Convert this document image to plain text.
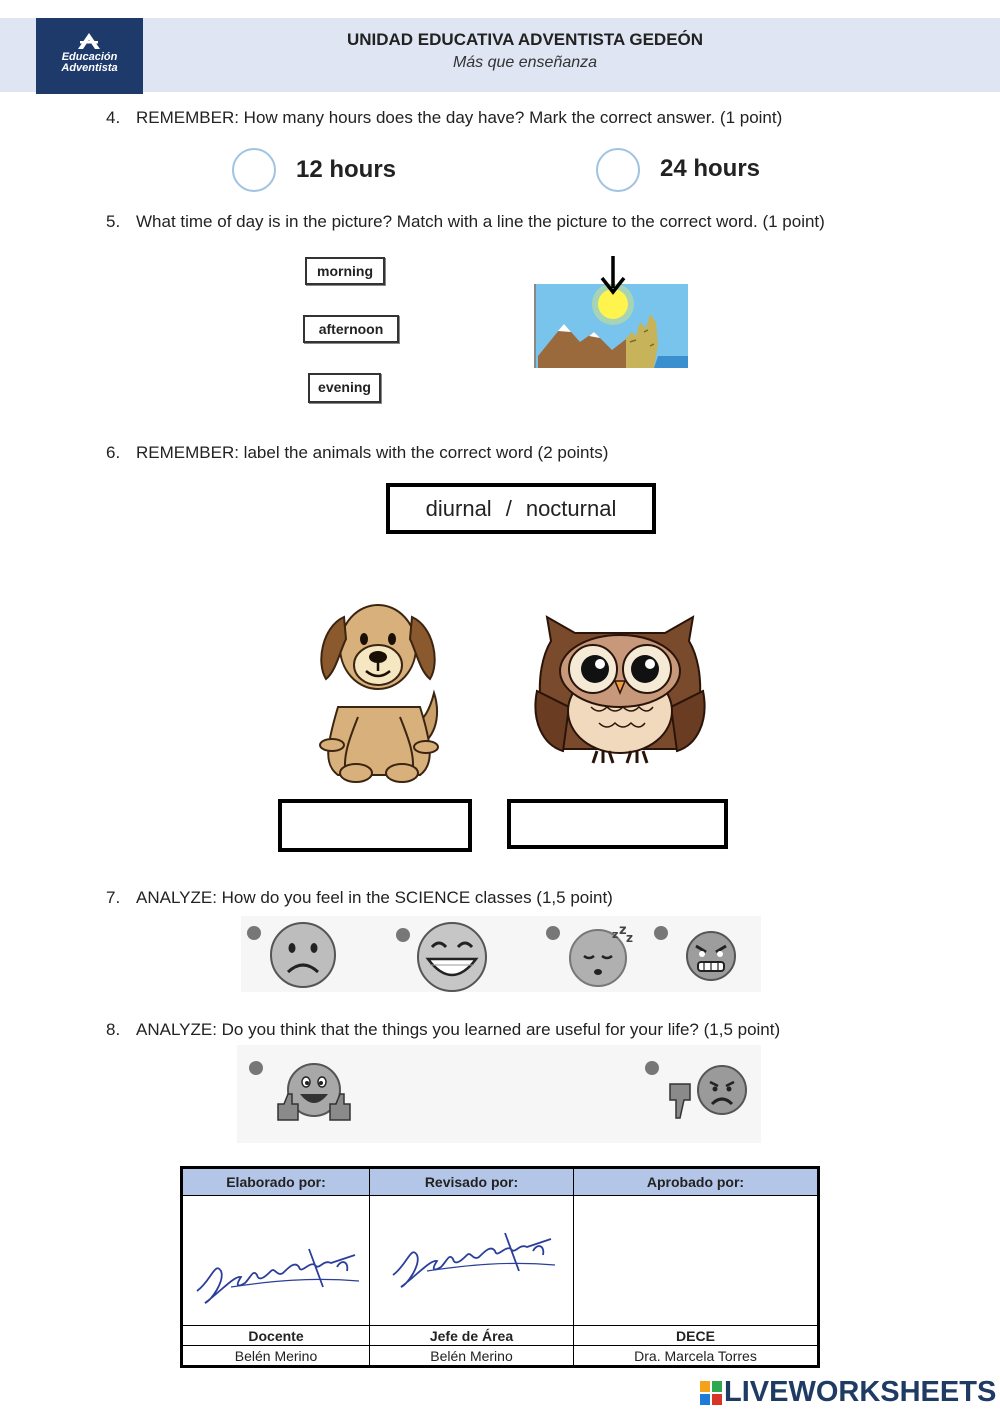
Educación
Adventista
UNIDAD EDUCATIVA ADVENTISTA GEDEÓN
Más que enseñanza
4. REMEMBER: How many hours does the day have? Mark the correct answer. (1 point)
12 hours	24 hours
5. What time of day is in the picture? Match with a line the picture to the correct word. (1 point)
morning
afternoon
evening
6. REMEMBER: label the animals with the correct word (2 points)
diurnal / nocturnal
7. ANALYZE: How do you feel in the SCIENCE classes (1,5 point)
z z z
8. ANALYZE: Do you think that the things you learned are useful for your life? (1,5 point)
Elaborado por:	Revisado por:	Aprobado por:

Docente	Jefe de Área	DECE
Belén Merino	Belén Merino	Dra. Marcela Torres
LIVEWORKSHEETS
